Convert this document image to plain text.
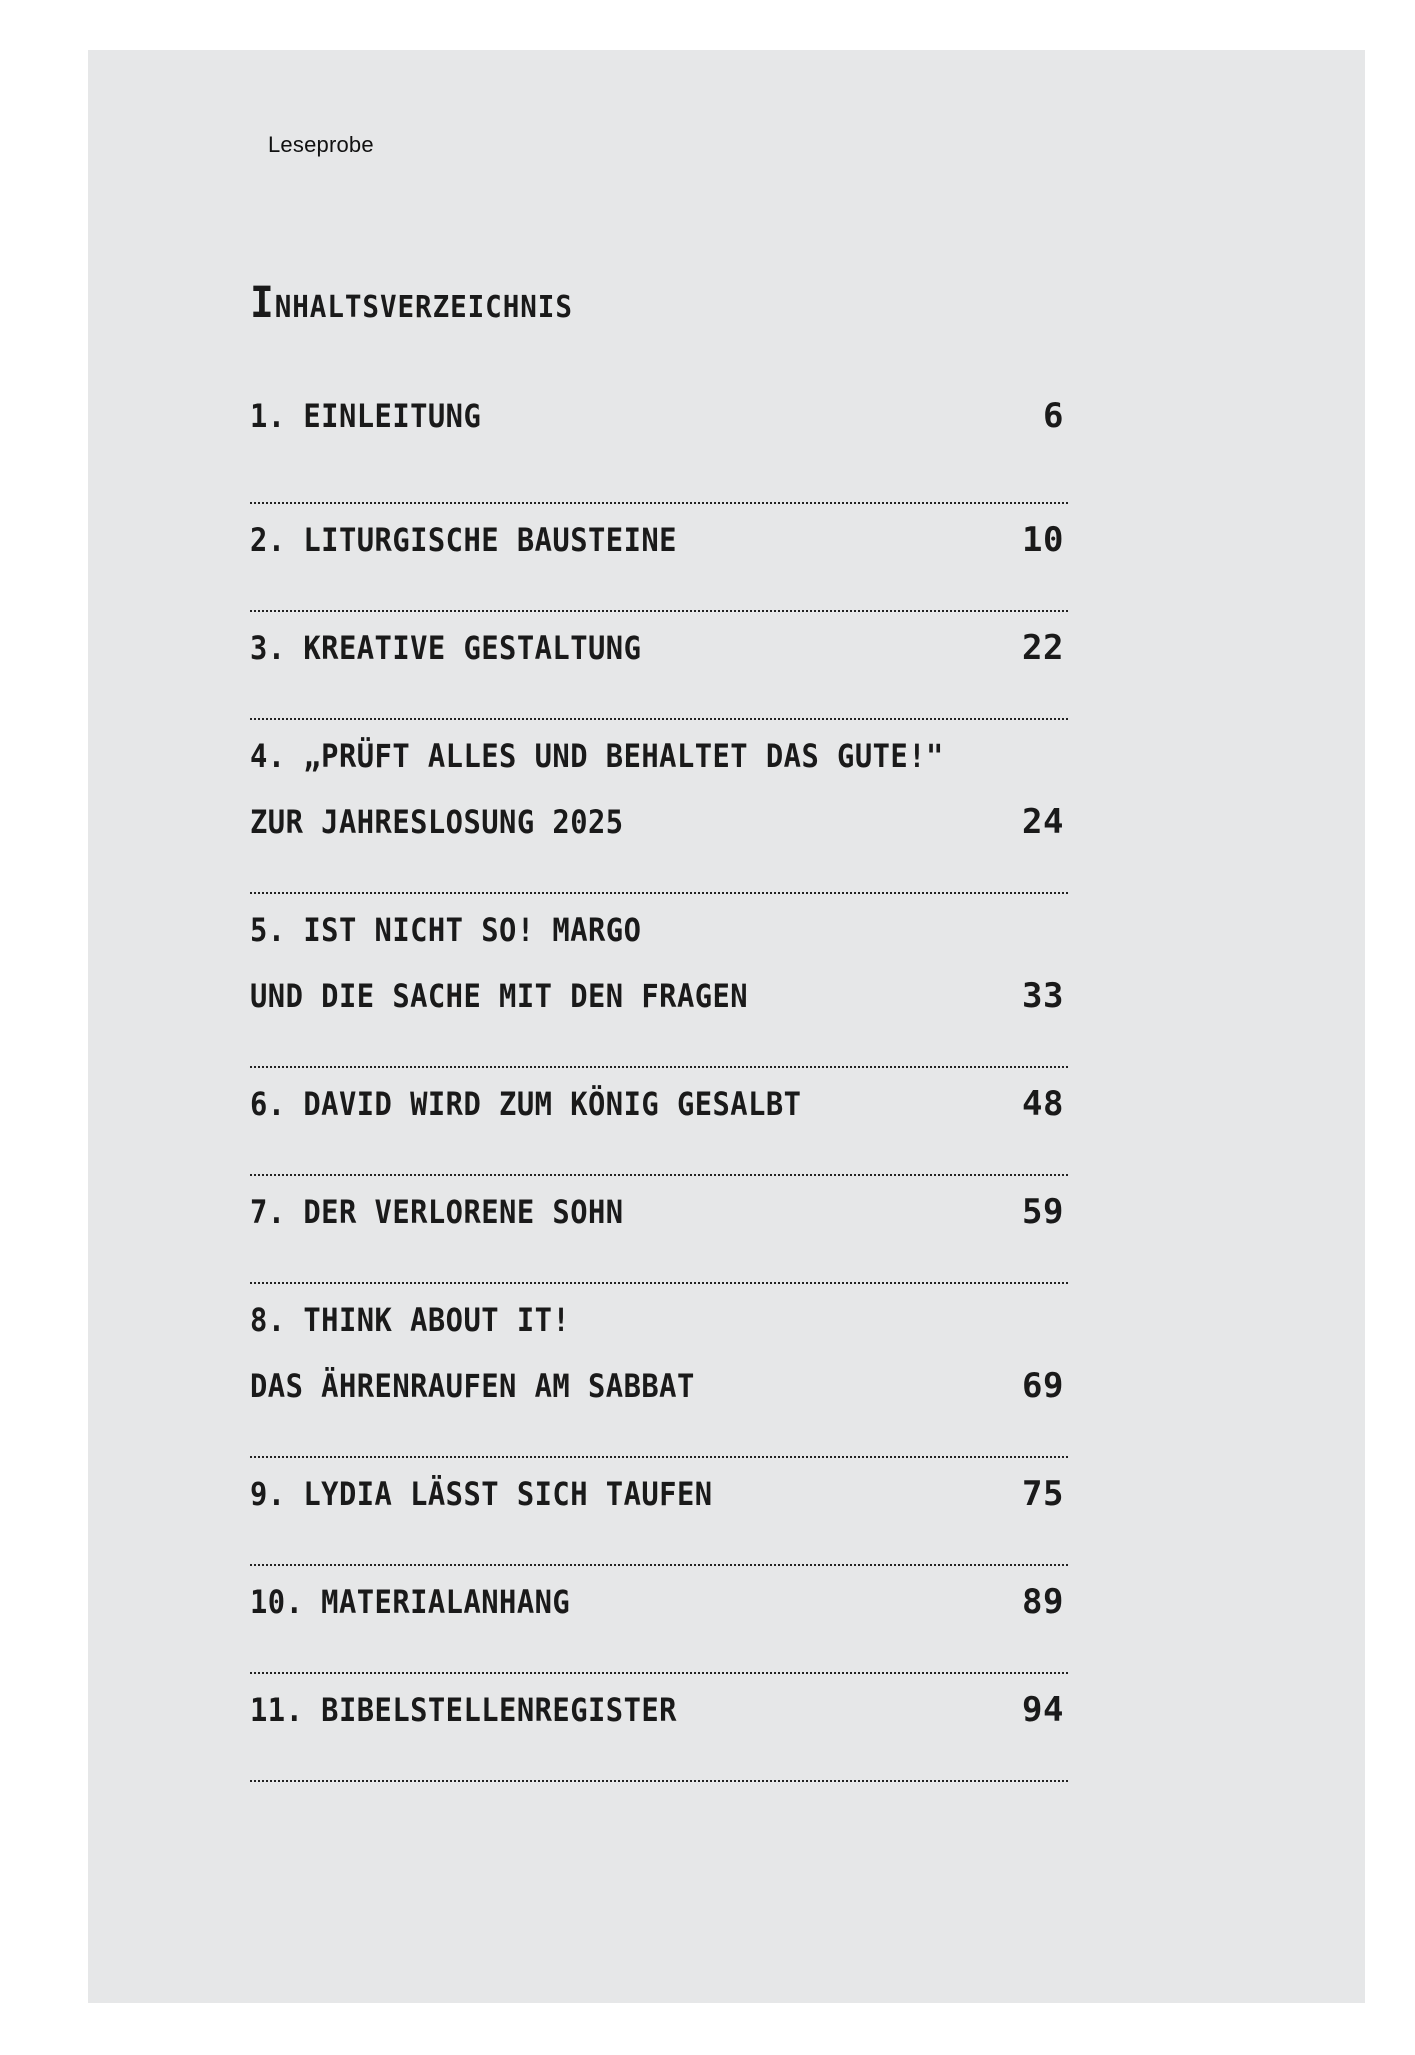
Leseprobe
Inhaltsverzeichnis
1. EINLEITUNG	6
2. LITURGISCHE BAUSTEINE	10
3. KREATIVE GESTALTUNG	22
4. „PRÜFT ALLES UND BEHALTET DAS GUTE!"
ZUR JAHRESLOSUNG 2025	24
5. IST NICHT SO! MARGO
UND DIE SACHE MIT DEN FRAGEN	33
6. DAVID WIRD ZUM KÖNIG GESALBT	48
7. DER VERLORENE SOHN	59
8. THINK ABOUT IT!
DAS ÄHRENRAUFEN AM SABBAT	69
9. LYDIA LÄSST SICH TAUFEN	75
10. MATERIALANHANG	89
11. BIBELSTELLENREGISTER	94
